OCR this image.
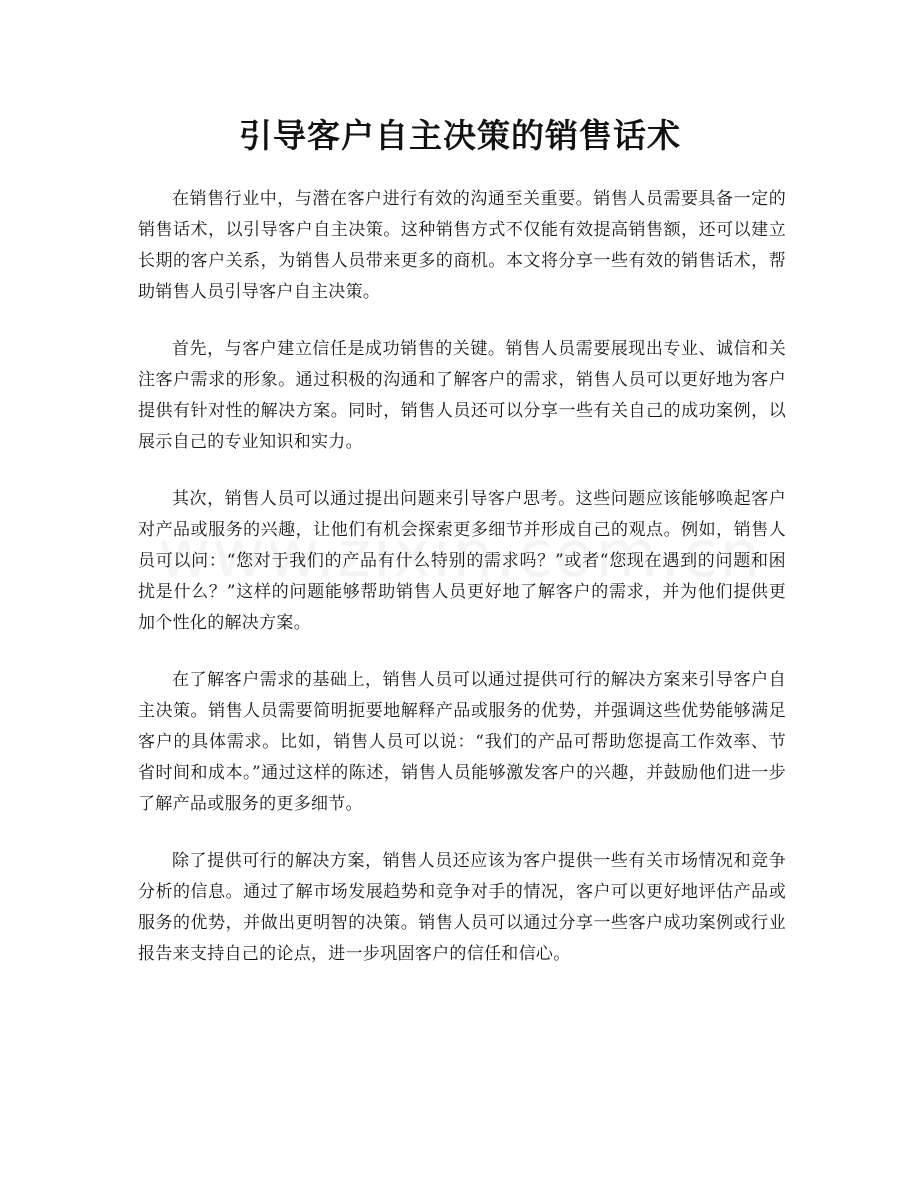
引导客户自主决策的销售话术

在销售行业中，与潜在客户进行有效的沟通至关重要。销售人员需要具备一定的销售话术，以引导客户自主决策。这种销售方式不仅能有效提高销售额，还可以建立长期的客户关系，为销售人员带来更多的商机。本文将分享一些有效的销售话术，帮助销售人员引导客户自主决策。

首先，与客户建立信任是成功销售的关键。销售人员需要展现出专业、诚信和关注客户需求的形象。通过积极的沟通和了解客户的需求，销售人员可以更好地为客户提供有针对性的解决方案。同时，销售人员还可以分享一些有关自己的成功案例，以展示自己的专业知识和实力。

其次，销售人员可以通过提出问题来引导客户思考。这些问题应该能够唤起客户对产品或服务的兴趣，让他们有机会探索更多细节并形成自己的观点。例如，销售人员可以问：“您对于我们的产品有什么特别的需求吗？”或者“您现在遇到的问题和困扰是什么？”这样的问题能够帮助销售人员更好地了解客户的需求，并为他们提供更加个性化的解决方案。

在了解客户需求的基础上，销售人员可以通过提供可行的解决方案来引导客户自主决策。销售人员需要简明扼要地解释产品或服务的优势，并强调这些优势能够满足客户的具体需求。比如，销售人员可以说：“我们的产品可帮助您提高工作效率、节省时间和成本。”通过这样的陈述，销售人员能够激发客户的兴趣，并鼓励他们进一步了解产品或服务的更多细节。

除了提供可行的解决方案，销售人员还应该为客户提供一些有关市场情况和竞争分析的信息。通过了解市场发展趋势和竞争对手的情况，客户可以更好地评估产品或服务的优势，并做出更明智的决策。销售人员可以通过分享一些客户成功案例或行业报告来支持自己的论点，进一步巩固客户的信任和信心。
